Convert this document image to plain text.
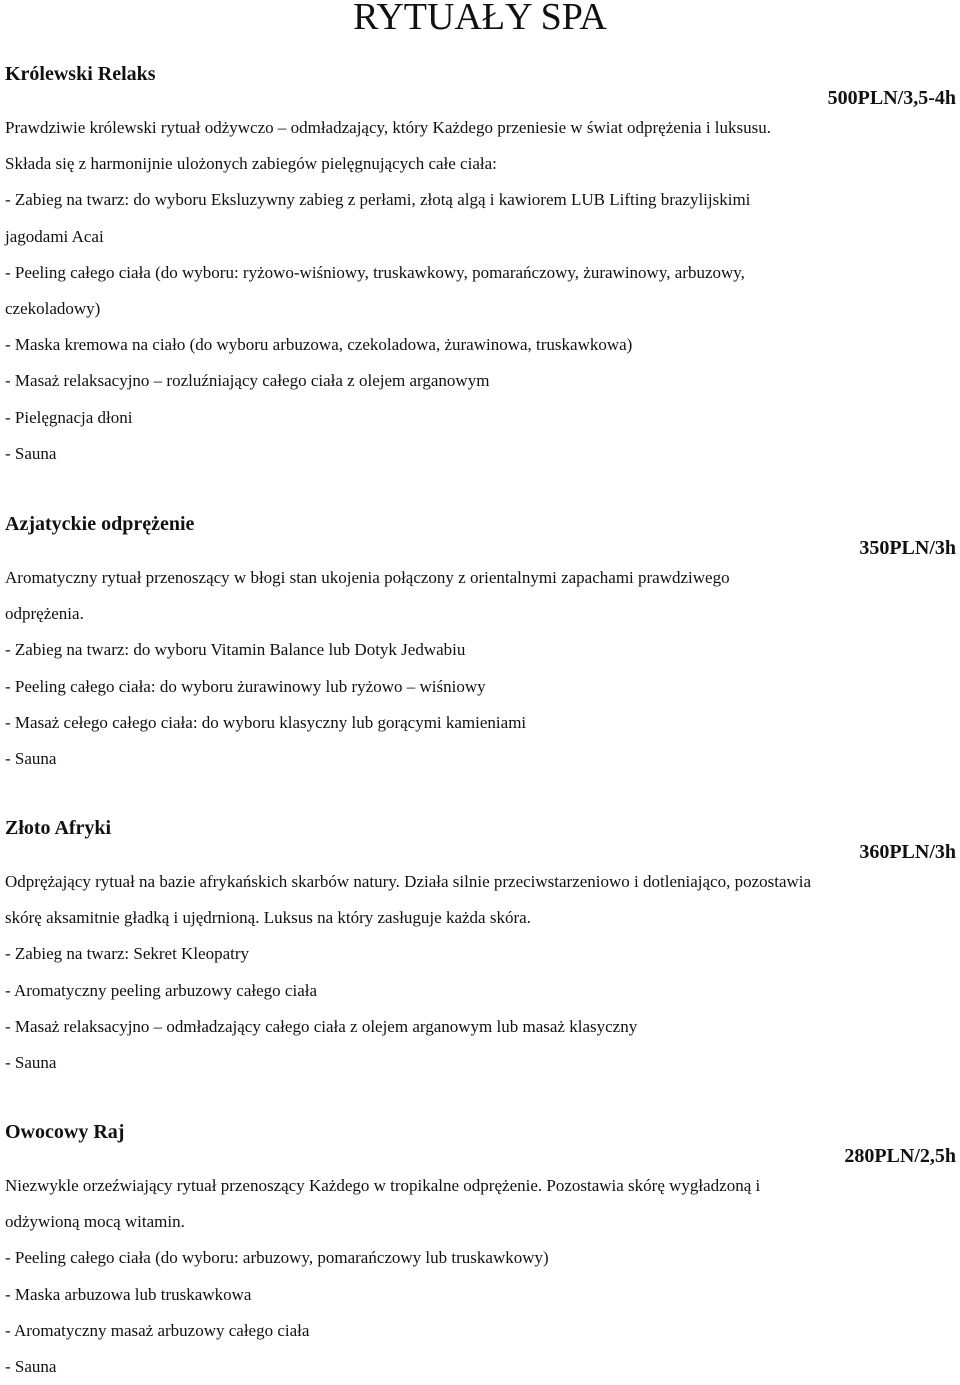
RYTUAŁY SPA
Królewski Relaks
500PLN/3,5-4h
Prawdziwie królewski rytuał odżywczo – odmładzający, który Każdego przeniesie w świat odprężenia i luksusu.
Składa się z harmonijnie ulożonych zabiegów pielęgnujących całe ciała:
- Zabieg na twarz: do wyboru Eksluzywny zabieg z perłami, złotą algą i kawiorem LUB Lifting brazylijskimi
jagodami Acai
- Peeling całego ciała (do wyboru: ryżowo-wiśniowy, truskawkowy, pomarańczowy, żurawinowy, arbuzowy,
czekoladowy)
- Maska kremowa na ciało (do wyboru arbuzowa, czekoladowa, żurawinowa, truskawkowa)
- Masaż relaksacyjno – rozluźniający całego ciała z olejem arganowym
- Pielęgnacja dłoni
- Sauna
Azjatyckie odprężenie
350PLN/3h
Aromatyczny rytuał przenoszący w błogi stan ukojenia połączony z orientalnymi zapachami prawdziwego
odprężenia.
- Zabieg na twarz: do wyboru Vitamin Balance lub Dotyk Jedwabiu
- Peeling całego ciała: do wyboru żurawinowy lub ryżowo – wiśniowy
- Masaż cełego całego ciała: do wyboru klasyczny lub gorącymi kamieniami
- Sauna
Złoto Afryki
360PLN/3h
Odprężający rytuał na bazie afrykańskich skarbów natury. Działa silnie przeciwstarzeniowo i dotleniająco, pozostawia
skórę aksamitnie gładką i ujędrnioną. Luksus na który zasługuje każda skóra.
- Zabieg na twarz: Sekret Kleopatry
- Aromatyczny peeling arbuzowy całego ciała
- Masaż relaksacyjno – odmładzający całego ciała z olejem arganowym lub masaż klasyczny
- Sauna
Owocowy Raj
280PLN/2,5h
Niezwykle orzeźwiający rytuał przenoszący Każdego w tropikalne odprężenie. Pozostawia skórę wygładzoną i
odżywioną mocą witamin.
- Peeling całego ciała (do wyboru: arbuzowy, pomarańczowy lub truskawkowy)
- Maska arbuzowa lub truskawkowa
- Aromatyczny masaż arbuzowy całego ciała
- Sauna
